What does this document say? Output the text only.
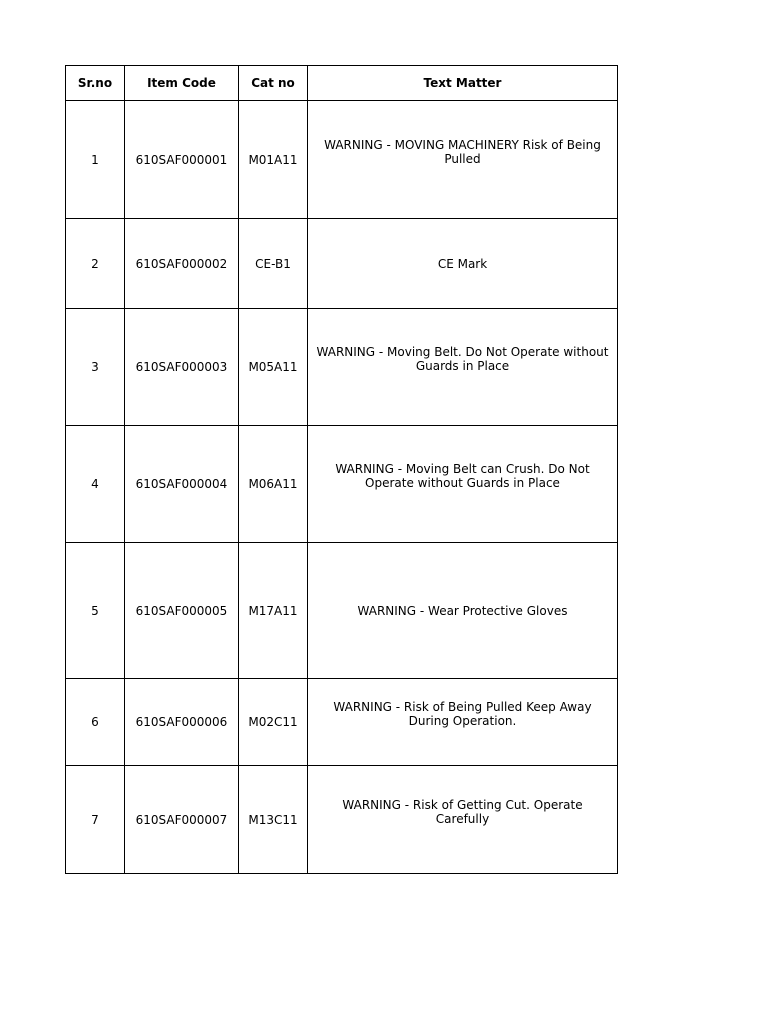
Sr.no	Item Code	Cat no	Text Matter
1	610SAF000001	M01A11	WARNING - MOVING MACHINERY Risk of Being Pulled
2	610SAF000002	CE-B1	CE Mark
3	610SAF000003	M05A11	WARNING - Moving Belt. Do Not Operate without Guards in Place
4	610SAF000004	M06A11	WARNING - Moving Belt can Crush. Do Not Operate without Guards in Place
5	610SAF000005	M17A11	WARNING - Wear Protective Gloves
6	610SAF000006	M02C11	WARNING - Risk of Being Pulled Keep Away During Operation.
7	610SAF000007	M13C11	WARNING - Risk of Getting Cut. Operate Carefully
